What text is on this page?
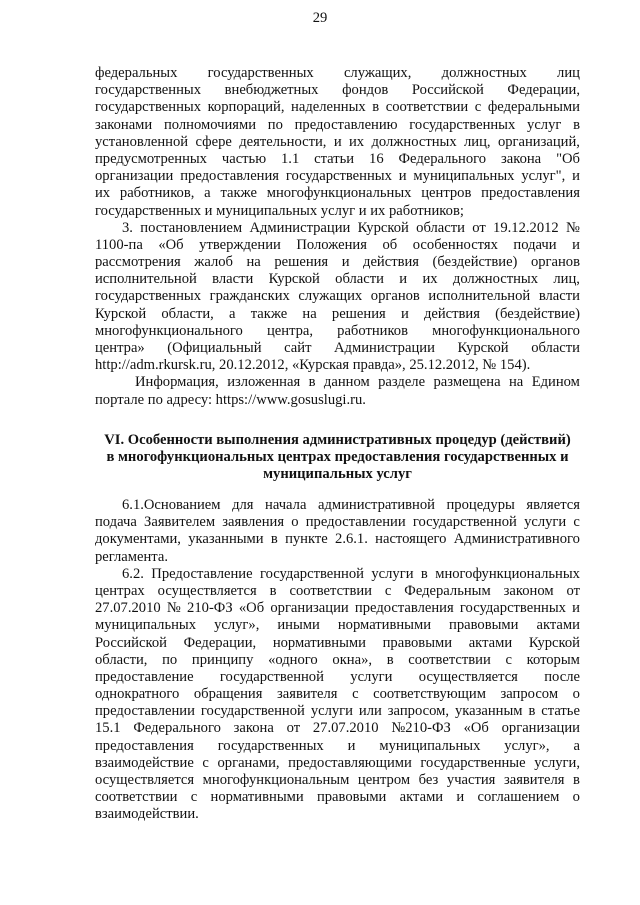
29
федеральных государственных служащих, должностных лиц
государственных внебюджетных фондов Российской Федерации,
государственных корпораций, наделенных в соответствии с федеральными
законами полномочиями по предоставлению государственных услуг в
установленной сфере деятельности, и их должностных лиц, организаций,
предусмотренных частью 1.1 статьи 16 Федерального закона "Об
организации предоставления государственных и муниципальных услуг", и
их работников, а также многофункциональных центров предоставления
государственных и муниципальных услуг и их работников;
3. постановлением Администрации Курской области от 19.12.2012 №
1100-па «Об утверждении Положения об особенностях подачи и
рассмотрения жалоб на решения и действия (бездействие) органов
исполнительной власти Курской области и их должностных лиц,
государственных гражданских служащих органов исполнительной власти
Курской области, а также на решения и действия (бездействие)
многофункционального центра, работников многофункционального
центра» (Официальный сайт Администрации Курской области
http://adm.rkursk.ru, 20.12.2012, «Курская правда», 25.12.2012, № 154).
Информация, изложенная в данном разделе размещена на Едином
портале по адресу: https://www.gosuslugi.ru.
VI. Особенности выполнения административных процедур (действий)
в многофункциональных центрах предоставления государственных и
муниципальных услуг
6.1.Основанием для начала административной процедуры является
подача Заявителем заявления о предоставлении государственной услуги с
документами, указанными в пункте 2.6.1. настоящего Административного
регламента.
6.2. Предоставление государственной услуги в многофункциональных
центрах осуществляется в соответствии с Федеральным законом от
27.07.2010 № 210-ФЗ «Об организации предоставления государственных и
муниципальных услуг», иными нормативными правовыми актами
Российской Федерации, нормативными правовыми актами Курской
области, по принципу «одного окна», в соответствии с которым
предоставление государственной услуги осуществляется после
однократного обращения заявителя с соответствующим запросом о
предоставлении государственной услуги или запросом, указанным в статье
15.1 Федерального закона от 27.07.2010 №210-ФЗ «Об организации
предоставления государственных и муниципальных услуг», а
взаимодействие с органами, предоставляющими государственные услуги,
осуществляется многофункциональным центром без участия заявителя в
соответствии с нормативными правовыми актами и соглашением о
взаимодействии.
